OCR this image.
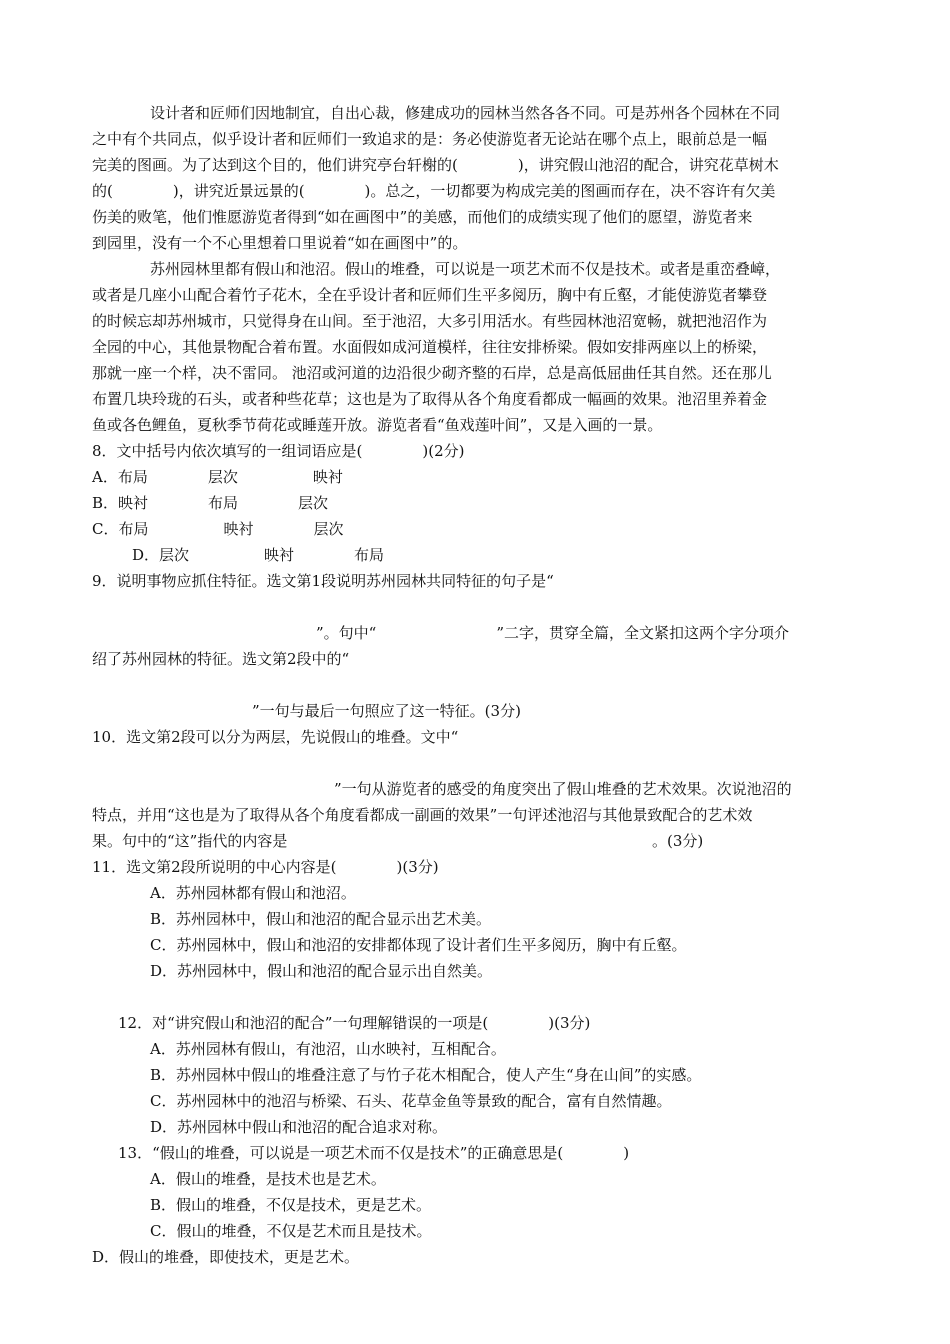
设计者和匠师们因地制宜，自出心裁，修建成功的园林当然各各不同。可是苏州各个园林在不同
之中有个共同点，似乎设计者和匠师们一致追求的是：务必使游览者无论站在哪个点上，眼前总是一幅
完美的图画。为了达到这个目的，他们讲究亭台轩榭的(　　　　)，讲究假山池沼的配合，讲究花草树木
的(　　　　)，讲究近景远景的(　　　　)。总之，一切都要为构成完美的图画而存在，决不容许有欠美
伤美的败笔，他们惟愿游览者得到“如在画图中”的美感，而他们的成绩实现了他们的愿望，游览者来
到园里，没有一个不心里想着口里说着“如在画图中”的。
苏州园林里都有假山和池沼。假山的堆叠，可以说是一项艺术而不仅是技术。或者是重峦叠嶂，
或者是几座小山配合着竹子花木，全在乎设计者和匠师们生平多阅历，胸中有丘壑，才能使游览者攀登
的时候忘却苏州城市，只觉得身在山间。至于池沼，大多引用活水。有些园林池沼宽畅，就把池沼作为
全园的中心，其他景物配合着布置。水面假如成河道模样，往往安排桥梁。假如安排两座以上的桥梁，
那就一座一个样，决不雷同。 池沼或河道的边沿很少砌齐整的石岸，总是高低屈曲任其自然。还在那儿
布置几块玲珑的石头，或者种些花草；这也是为了取得从各个角度看都成一幅画的效果。池沼里养着金
鱼或各色鲤鱼，夏秋季节荷花或睡莲开放。游览者看“鱼戏莲叶间”，又是入画的一景。
8．文中括号内依次填写的一组词语应是(　　　　)(2分)
A．布局　　　　层次　　　　　映衬
B．映衬　　　　布局　　　　层次
C．布局　　　　　映衬　　　　层次
D．层次　　　　　映衬　　　　布局
9．说明事物应抓住特征。选文第1段说明苏州园林共同特征的句子是“
”。句中“　　　　　　　　”二字，贯穿全篇，全文紧扣这两个字分项介
绍了苏州园林的特征。选文第2段中的“
”一句与最后一句照应了这一特征。(3分)
10．选文第2段可以分为两层，先说假山的堆叠。文中“
”一句从游览者的感受的角度突出了假山堆叠的艺术效果。次说池沼的
特点，并用“这也是为了取得从各个角度看都成一副画的效果”一句评述池沼与其他景致配合的艺术效
果。句中的“这”指代的内容是	。(3分)
11．选文第2段所说明的中心内容是(　　　　)(3分)
A．苏州园林都有假山和池沼。
B．苏州园林中，假山和池沼的配合显示出艺术美。
C．苏州园林中，假山和池沼的安排都体现了设计者们生平多阅历，胸中有丘壑。
D．苏州园林中，假山和池沼的配合显示出自然美。
12．对“讲究假山和池沼的配合”一句理解错误的一项是(　　　　)(3分)
A．苏州园林有假山，有池沼，山水映衬，互相配合。
B．苏州园林中假山的堆叠注意了与竹子花木相配合，使人产生“身在山间”的实感。
C．苏州园林中的池沼与桥梁、石头、花草金鱼等景致的配合，富有自然情趣。
D．苏州园林中假山和池沼的配合追求对称。
13．“假山的堆叠，可以说是一项艺术而不仅是技术”的正确意思是(　　　　)
A．假山的堆叠，是技术也是艺术。
B．假山的堆叠，不仅是技术，更是艺术。
C．假山的堆叠，不仅是艺术而且是技术。
D．假山的堆叠，即使技术，更是艺术。
